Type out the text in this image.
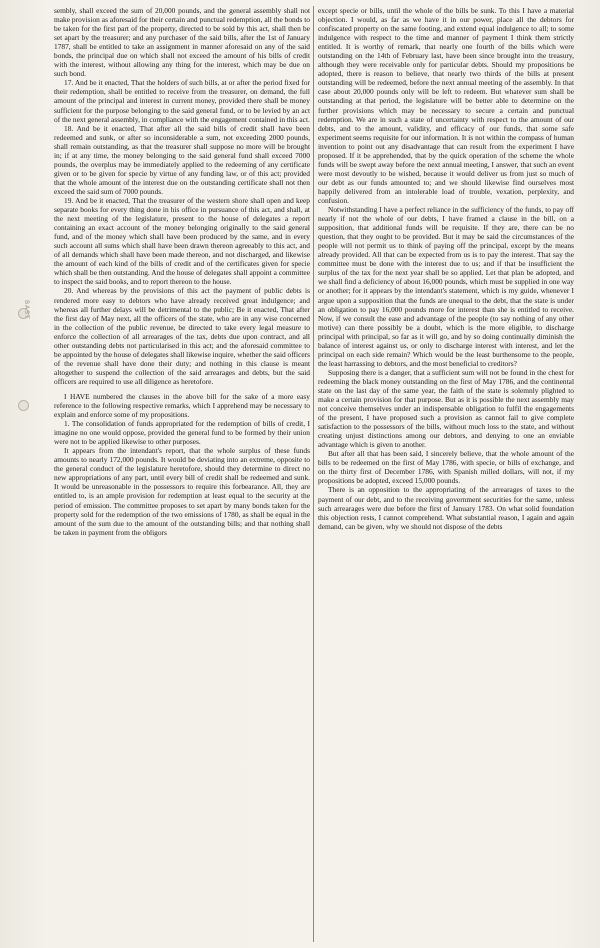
BAST

sembly, shall exceed the sum of 20,000 pounds, and the general assembly shall not make provision as aforesaid for their certain and punctual redemption, all the bonds to be taken for the first part of the property, directed to be sold by this act, shall then be set apart by the treasurer; and any purchaser of the said bills, after the 1st of January 1787, shall be entitled to take an assignment in manner aforesaid on any of the said bonds, the principal due on which shall not exceed the amount of his bills of credit with the interest, without allowing any thing for the interest, which may be due on such bond.

17. And be it enacted, That the holders of such bills, at or after the period fixed for their redemption, shall be entitled to receive from the treasurer, on demand, the full amount of the principal and interest in current money, provided there shall be money sufficient for the purpose belonging to the said general fund, or to be levied by an act of the next general assembly, in compliance with the engagement contained in this act.

18. And be it enacted, That after all the said bills of credit shall have been redeemed and sunk, or after so inconsiderable a sum, not exceeding 2000 pounds, shall remain outstanding, as that the treasurer shall suppose no more will be brought in; if at any time, the money belonging to the said general fund shall exceed 7000 pounds, the overplus may be immediately applied to the redeeming of any certificate given or to be given for specie by virtue of any funding law, or of this act; provided that the whole amount of the interest due on the outstanding certificate shall not then exceed the said sum of 7000 pounds.

19. And be it enacted, That the treasurer of the western shore shall open and keep separate books for every thing done in his office in pursuance of this act, and shall, at the next meeting of the legislature, present to the house of delegates a report containing an exact account of the money belonging originally to the said general fund, and of the money which shall have been produced by the same, and in every such account all sums which shall have been drawn thereon agreeably to this act, and of all demands which shall have been made thereon, and not discharged, and likewise the amount of each kind of the bills of credit and of the certificates given for specie which shall be then outstanding. And the house of delegates shall appoint a committee to inspect the said books, and to report thereon to the house.

20. And whereas by the provisions of this act the payment of public debts is rendered more easy to debtors who have already received great indulgence; and whereas all further delays will be detrimental to the public; Be it enacted, That after the first day of May next, all the officers of the state, who are in any wise concerned in the collection of the public revenue, be directed to take every legal measure to enforce the collection of all arrearages of the tax, debts due upon contract, and all other outstanding debts not particularised in this act; and the aforesaid committee to be appointed by the house of delegates shall likewise inquire, whether the said officers of the revenue shall have done their duty; and nothing in this clause is meant altogether to suspend the collection of the said arrearages and debts, but the said officers are required to use all diligence as heretofore.

I HAVE numbered the clauses in the above bill for the sake of a more easy reference to the following respective remarks, which I apprehend may be necessary to explain and enforce some of my propositions.

1. The consolidation of funds appropriated for the redemption of bills of credit, I imagine no one would oppose, provided the general fund to be formed by their union were not to be applied likewise to other purposes.

It appears from the intendant's report, that the whole surplus of these funds amounts to nearly 172,000 pounds. It would be deviating into an extreme, opposite to the general conduct of the legislature heretofore, should they determine to direct no new appropriations of any part, until every bill of credit shall be redeemed and sunk. It would be unreasonable in the possessors to require this forbearance. All, they are entitled to, is an ample provision for redemption at least equal to the security at the period of emission. The committee proposes to set apart by many bonds taken for the property sold for the redemption of the two emissions of 1780, as shall be equal in the amount of the sum due to the amount of the outstanding bills; and that nothing shall be taken in payment from the obligors

except specie or bills, until the whole of the bills be sunk. To this I have a material objection. I would, as far as we have it in our power, place all the debtors for confiscated property on the same footing, and extend equal indulgence to all; to some indulgence with respect to the time and manner of payment I think them strictly entitled. It is worthy of remark, that nearly one fourth of the bills which were outstanding on the 14th of February last, have been since brought into the treasury, although they were receivable only for particular debts. Should my propositions be adopted, there is reason to believe, that nearly two thirds of the bills at present outstanding will be redeemed, before the next annual meeting of the assembly. In that case about 20,000 pounds only will be left to redeem. But whatever sum shall be outstanding at that period, the legislature will be better able to determine on the further provisions which may be necessary to secure a certain and punctual redemption. We are in such a state of uncertainty with respect to the amount of our debts, and to the amount, validity, and efficacy of our funds, that some safe experiment seems requisite for our information. It is not within the compass of human invention to point out any disadvantage that can result from the experiment I have proposed. If it be apprehended, that by the quick operation of the scheme the whole funds will be swept away before the next annual meeting, I answer, that such an event were most devoutly to be wished, because it would deliver us from just so much of our debt as our funds amounted to; and we should likewise find ourselves most happily delivered from an intolerable load of trouble, vexation, perplexity, and confusion.

Notwithstanding I have a perfect reliance in the sufficiency of the funds, to pay off nearly if not the whole of our debts, I have framed a clause in the bill, on a supposition, that additional funds will be requisite. If they are, there can be no question, that they ought to be provided. But it may be said the circumstances of the people will not permit us to think of paying off the principal, except by the means already provided. All that can be expected from us is to pay the interest. That say the committee must be done with the interest due to us; and if that be insufficient the surplus of the tax for the next year shall be so applied. Let that plan be adopted, and we shall find a deficiency of about 16,000 pounds, which must be supplied in one way or another; for it appears by the intendant's statement, which is my guide, whenever I argue upon a supposition that the funds are unequal to the debt, that the state is under an obligation to pay 16,000 pounds more for interest than she is entitled to receive. Now, if we consult the ease and advantage of the people (to say nothing of any other motive) can there possibly be a doubt, which is the more eligible, to discharge principal with principal, so far as it will go, and by so doing continually diminish the balance of interest against us, or only to discharge interest with interest, and let the principal on each side remain? Which would be the least burthensome to the people, the least harrassing to debtors, and the most beneficial to creditors?

Supposing there is a danger, that a sufficient sum will not be found in the chest for redeeming the black money outstanding on the first of May 1786, and the continental state on the last day of the same year, the faith of the state is solemnly plighted to make a certain provision for that purpose. But as it is possible the next assembly may not conceive themselves under an indispensable obligation to fulfil the engagements of the present, I have proposed such a provision as cannot fail to give complete satisfaction to the possessors of the bills, without much loss to the state, and without creating unjust distinctions among our debtors, and denying to one an enviable advantage which is given to another.

But after all that has been said, I sincerely believe, that the whole amount of the bills to be redeemed on the first of May 1786, with specie, or bills of exchange, and on the thirty first of December 1786, with Spanish milled dollars, will not, if my propositions be adopted, exceed 15,000 pounds.

There is an opposition to the appropriating of the arrearages of taxes to the payment of our debt, and to the receiving government securities for the same, unless such arrearages were due before the first of January 1783. On what solid foundation this objection rests, I cannot comprehend. What substantial reason, I again and again demand, can be given, why we should not dispose of the debts
